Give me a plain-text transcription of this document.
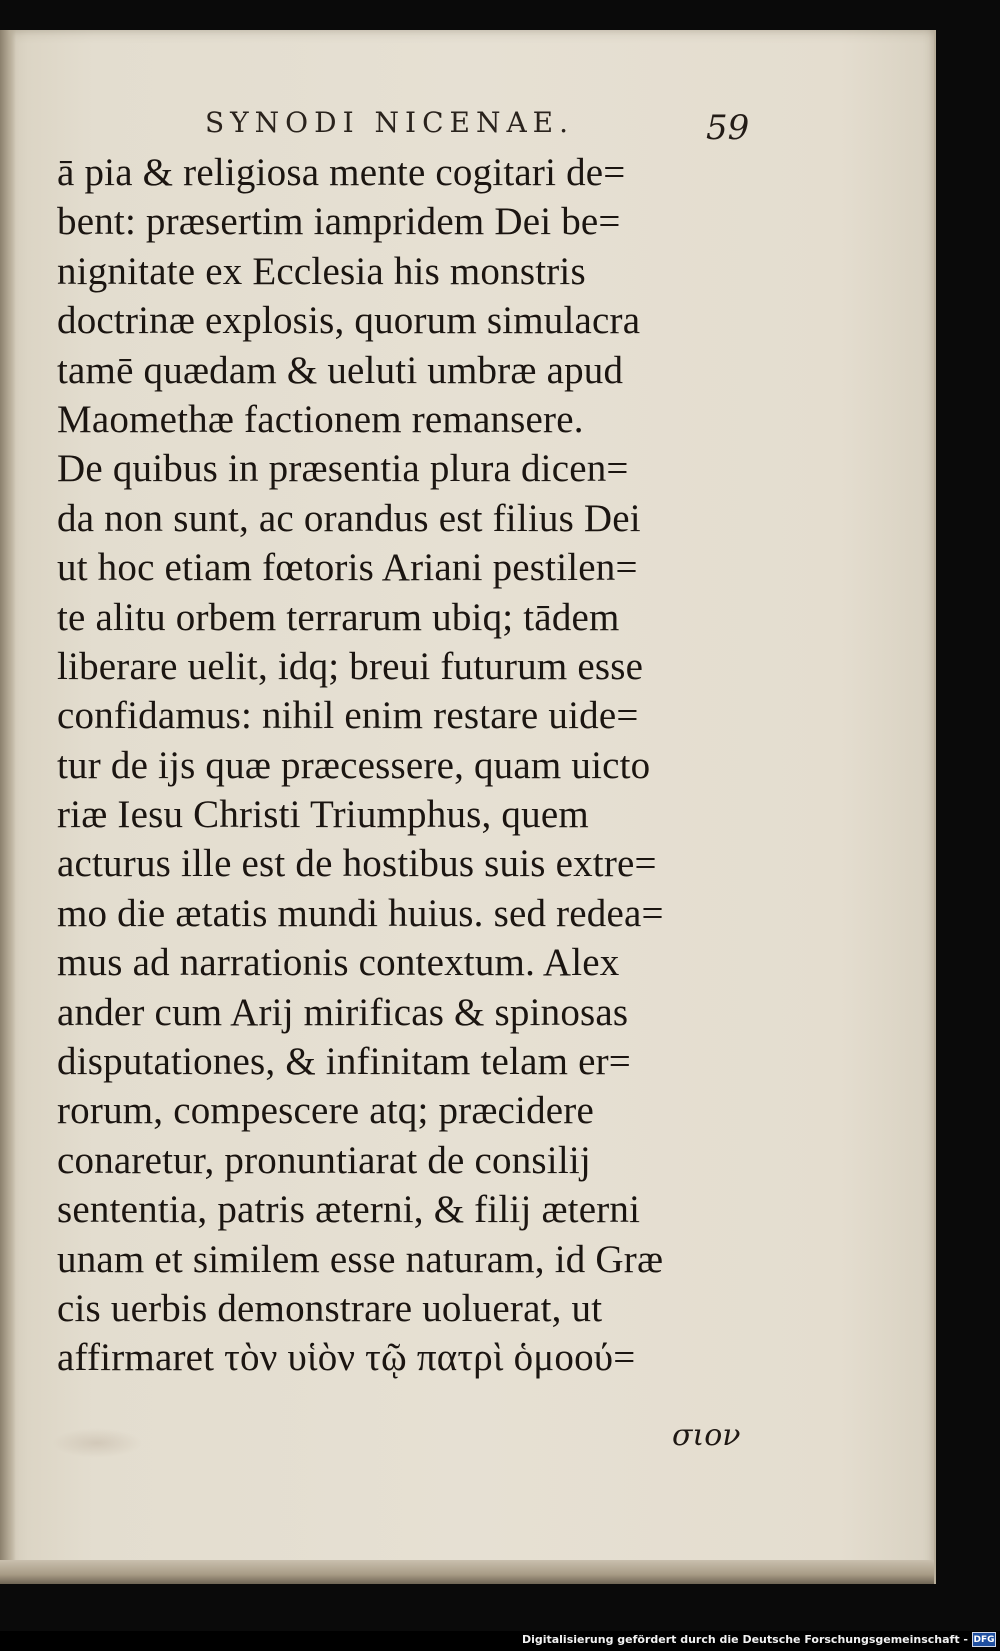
SYNODI NICENAE.	59
ā pia & religiosa mente cogitari de=
bent: præsertim iampridem Dei be=
nignitate ex Ecclesia his monstris
doctrinæ explosis, quorum simulacra
tamē quædam & ueluti umbræ apud
Maomethæ factionem remansere.
De quibus in præsentia plura dicen=
da non sunt, ac orandus est filius Dei
ut hoc etiam fœtoris Ariani pestilen=
te alitu orbem terrarum ubiq; tādem
liberare uelit, idq; breui futurum esse
confidamus: nihil enim restare uide=
tur de ijs quæ præcessere, quam uicto
riæ Iesu Christi Triumphus, quem
acturus ille est de hostibus suis extre=
mo die ætatis mundi huius. sed redea=
mus ad narrationis contextum. Alex
ander cum Arij mirificas & spinosas
disputationes, & infinitam telam er=
rorum, compescere atq; præcidere
conaretur, pronuntiarat de consilij
sententia, patris æterni, & filij æterni
unam et similem esse naturam, id Græ
cis uerbis demonstrare uoluerat, ut
affirmaret τὸν υἱὸν τῷ πατρὶ ὁμοού=
σιον
Digitalisierung gefördert durch die Deutsche Forschungsgemeinschaft - DFG
